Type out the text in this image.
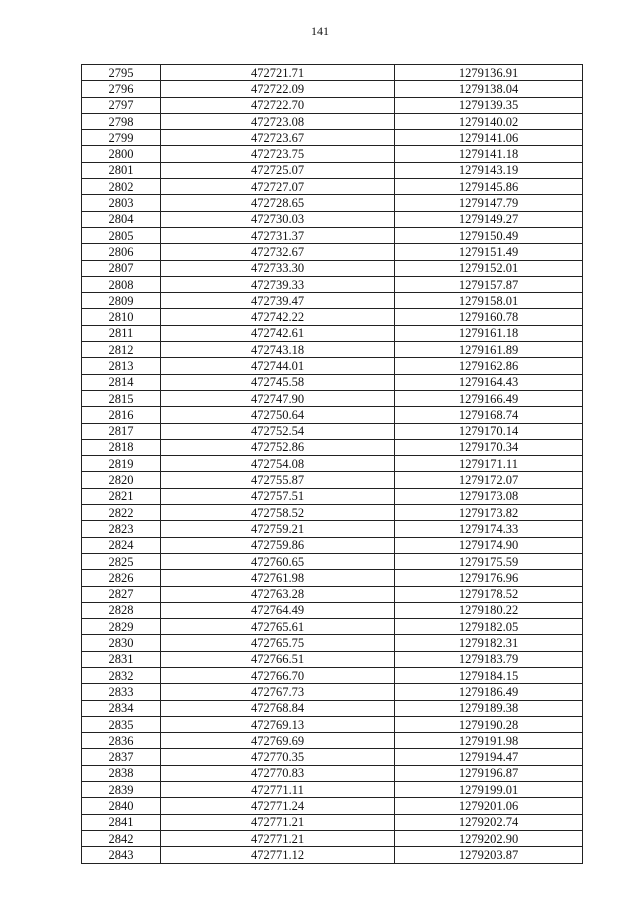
141
2795	472721.71	1279136.91
2796	472722.09	1279138.04
2797	472722.70	1279139.35
2798	472723.08	1279140.02
2799	472723.67	1279141.06
2800	472723.75	1279141.18
2801	472725.07	1279143.19
2802	472727.07	1279145.86
2803	472728.65	1279147.79
2804	472730.03	1279149.27
2805	472731.37	1279150.49
2806	472732.67	1279151.49
2807	472733.30	1279152.01
2808	472739.33	1279157.87
2809	472739.47	1279158.01
2810	472742.22	1279160.78
2811	472742.61	1279161.18
2812	472743.18	1279161.89
2813	472744.01	1279162.86
2814	472745.58	1279164.43
2815	472747.90	1279166.49
2816	472750.64	1279168.74
2817	472752.54	1279170.14
2818	472752.86	1279170.34
2819	472754.08	1279171.11
2820	472755.87	1279172.07
2821	472757.51	1279173.08
2822	472758.52	1279173.82
2823	472759.21	1279174.33
2824	472759.86	1279174.90
2825	472760.65	1279175.59
2826	472761.98	1279176.96
2827	472763.28	1279178.52
2828	472764.49	1279180.22
2829	472765.61	1279182.05
2830	472765.75	1279182.31
2831	472766.51	1279183.79
2832	472766.70	1279184.15
2833	472767.73	1279186.49
2834	472768.84	1279189.38
2835	472769.13	1279190.28
2836	472769.69	1279191.98
2837	472770.35	1279194.47
2838	472770.83	1279196.87
2839	472771.11	1279199.01
2840	472771.24	1279201.06
2841	472771.21	1279202.74
2842	472771.21	1279202.90
2843	472771.12	1279203.87
